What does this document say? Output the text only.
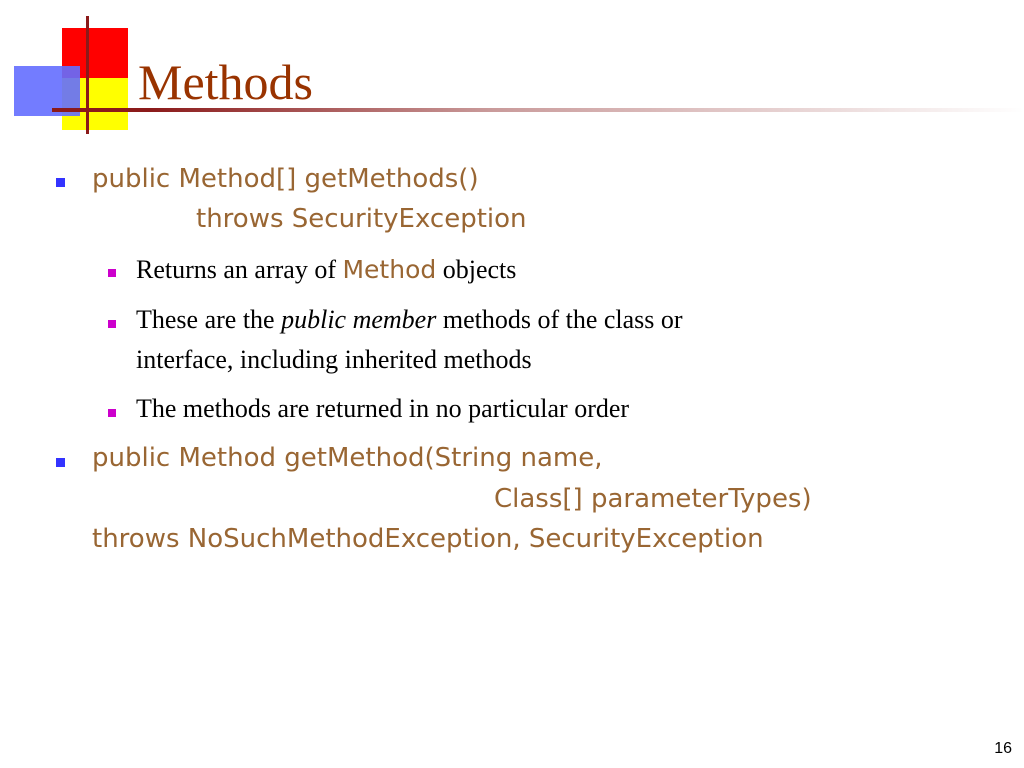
Methods
public Method[] getMethods()
throws SecurityException
Returns an array of Method objects
These are the public member methods of the class or
interface, including inherited methods
The methods are returned in no particular order
public Method getMethod(String name,
Class[] parameterTypes)
throws NoSuchMethodException, SecurityException
16
